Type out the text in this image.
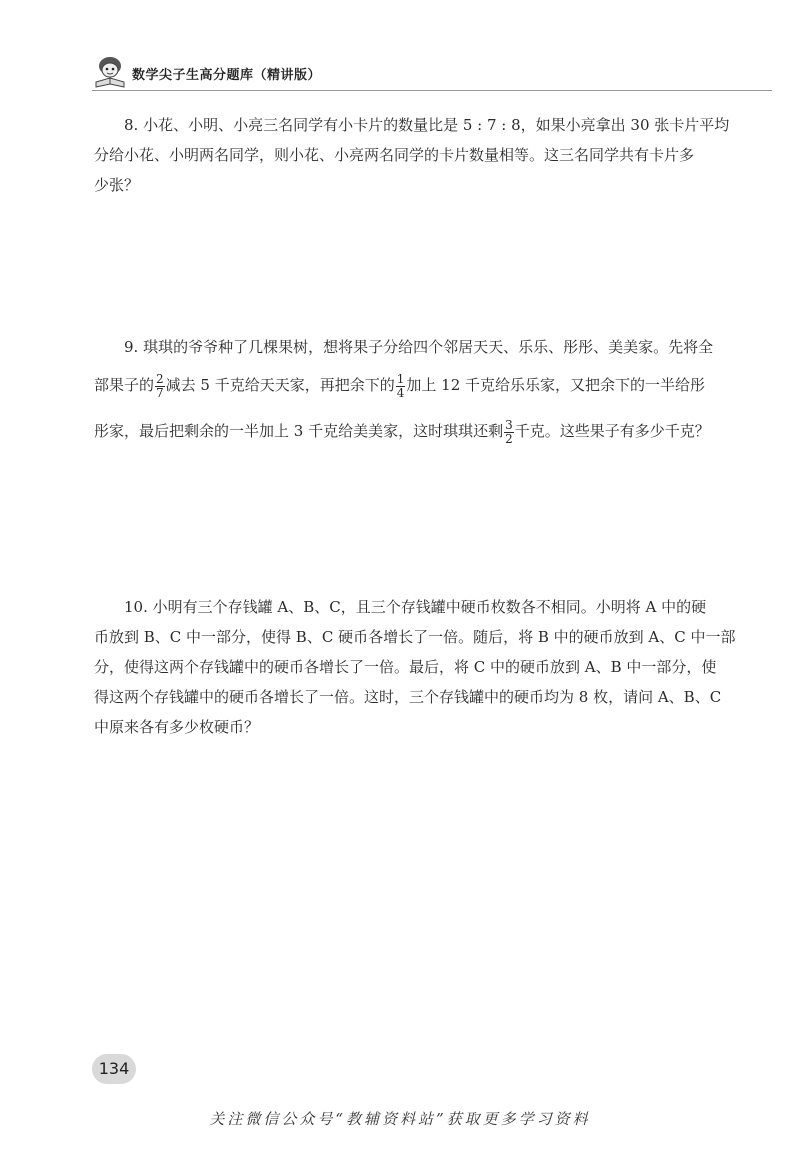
数学尖子生高分题库（精讲版）
8. 小花、小明、小亮三名同学有小卡片的数量比是 5 : 7 : 8，如果小亮拿出 30 张卡片平均
分给小花、小明两名同学，则小花、小亮两名同学的卡片数量相等。这三名同学共有卡片多
少张？
9. 琪琪的爷爷种了几棵果树，想将果子分给四个邻居天天、乐乐、彤彤、美美家。先将全
部果子的 $\frac{2}{7}$ 减去 5 千克给天天家，再把余下的 $\frac{1}{4}$ 加上 12 千克给乐乐家，又把余下的一半给彤
彤家，最后把剩余的一半加上 3 千克给美美家，这时琪琪还剩 $\frac{3}{2}$ 千克。这些果子有多少千克？
10. 小明有三个存钱罐 A、B、C，且三个存钱罐中硬币枚数各不相同。小明将 A 中的硬
币放到 B、C 中一部分，使得 B、C 硬币各增长了一倍。随后，将 B 中的硬币放到 A、C 中一部
分，使得这两个存钱罐中的硬币各增长了一倍。最后，将 C 中的硬币放到 A、B 中一部分，使
得这两个存钱罐中的硬币各增长了一倍。这时，三个存钱罐中的硬币均为 8 枚，请问 A、B、C
中原来各有多少枚硬币？
134
关注微信公众号“教辅资料站”获取更多学习资料
